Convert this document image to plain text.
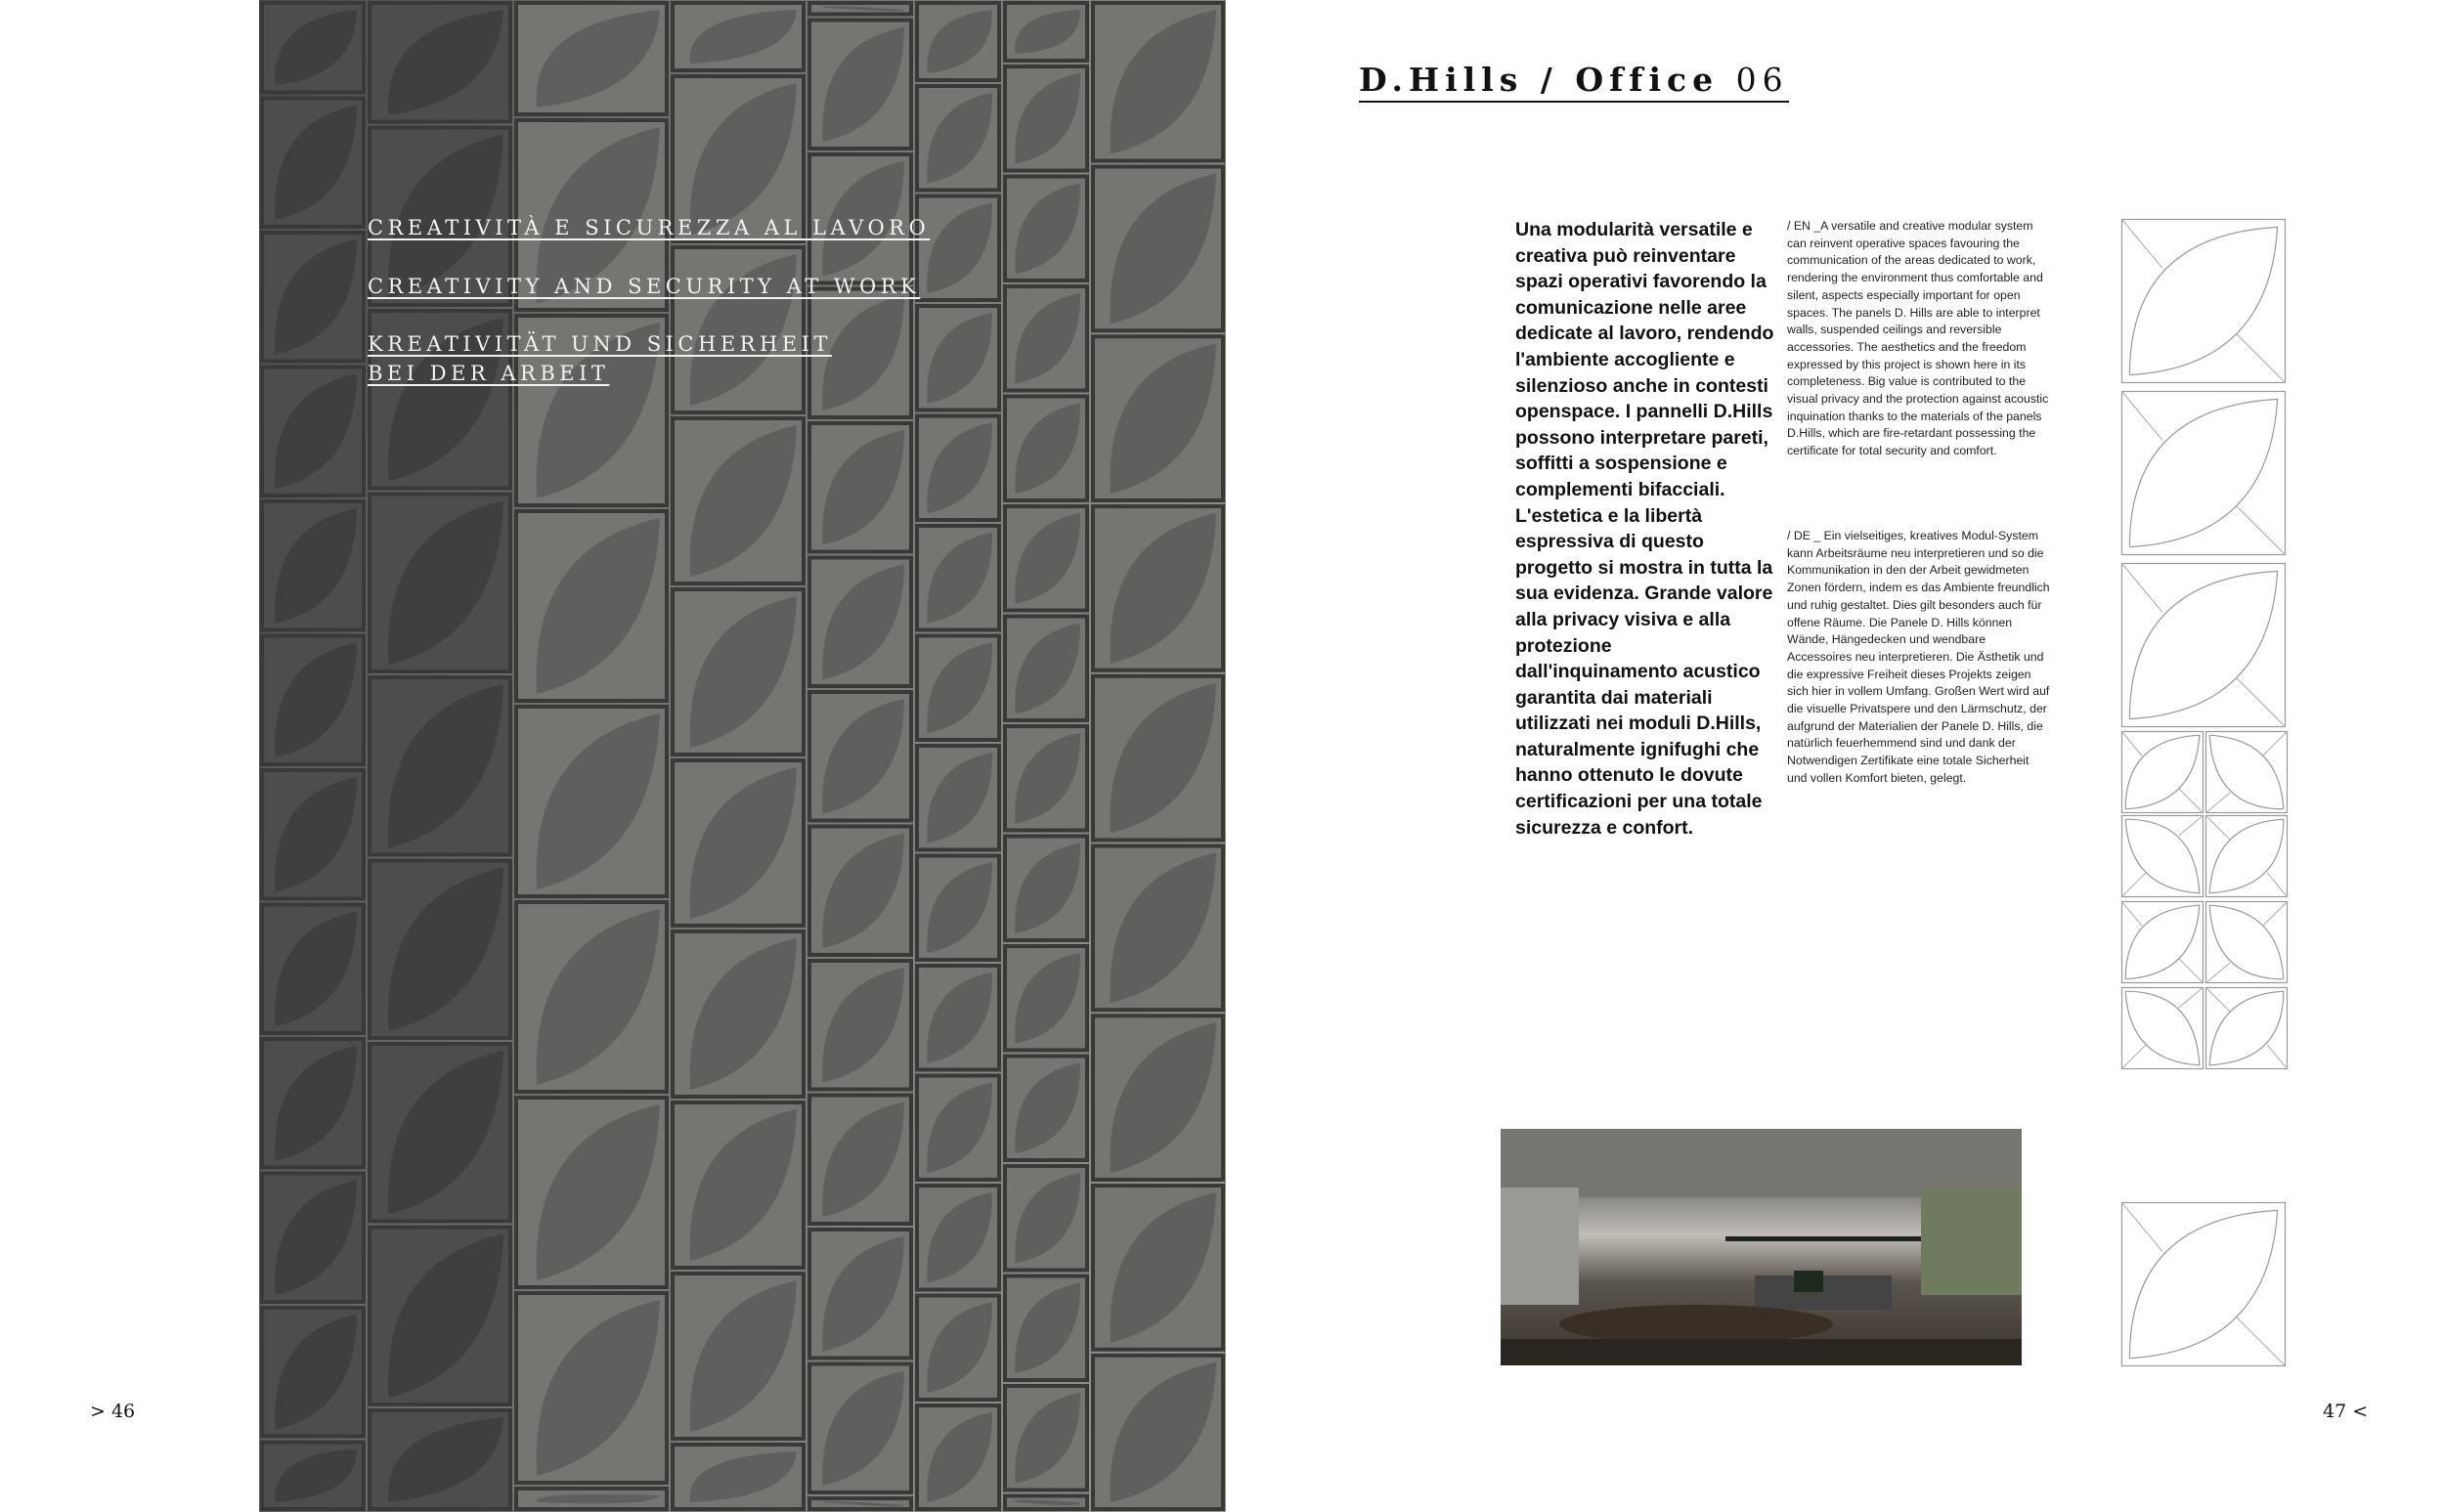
CREATIVITÀ E SICUREZZA AL LAVORO
CREATIVITY AND SECURITY AT WORK
KREATIVITÄT UND SICHERHEIT
BEI DER ARBEIT
D.Hills / Office 06
Una modularità versatile e creativa può reinventare spazi operativi favorendo la comunicazione nelle aree dedicate al lavoro, rendendo l'ambiente accogliente e silenzioso anche in contesti openspace. I pannelli D.Hills possono interpretare pareti, soffitti a sospensione e complementi bifacciali. L'estetica e la libertà espressiva di questo progetto si mostra in tutta la sua evidenza. Grande valore alla privacy visiva e alla protezione dall'inquinamento acustico garantita dai materiali utilizzati nei moduli D.Hills, naturalmente ignifughi che hanno ottenuto le dovute certificazioni per una totale sicurezza e confort.
/ EN _A versatile and creative modular system can reinvent operative spaces favouring the communication of the areas dedicated to work, rendering the environment thus comfortable and silent, aspects especially important for open spaces. The panels D. Hills are able to interpret walls, suspended ceilings and reversible accessories. The aesthetics and the freedom expressed by this project is shown here in its completeness. Big value is contributed to the visual privacy and the protection against acoustic inquination thanks to the materials of the panels D.Hills, which are fire-retardant possessing the certificate for total security and comfort.
/ DE _ Ein vielseitiges, kreatives Modul-System kann Arbeitsräume neu interpretieren und so die Kommunikation in den der Arbeit gewidmeten Zonen fördern, indem es das Ambiente freundlich und ruhig gestaltet. Dies gilt besonders auch für offene Räume. Die Panele D. Hills können Wände, Hängedecken und wendbare Accessoires neu interpretieren. Die Ästhetik und die expressive Freiheit dieses Projekts zeigen sich hier in vollem Umfang. Großen Wert wird auf die visuelle Privatspere und den Lärmschutz, der aufgrund der Materialien der Panele D. Hills, die natürlich feuerhemmend sind und dank der Notwendigen Zertifikate eine totale Sicherheit und vollen Komfort bieten, gelegt.
> 46	47 <
